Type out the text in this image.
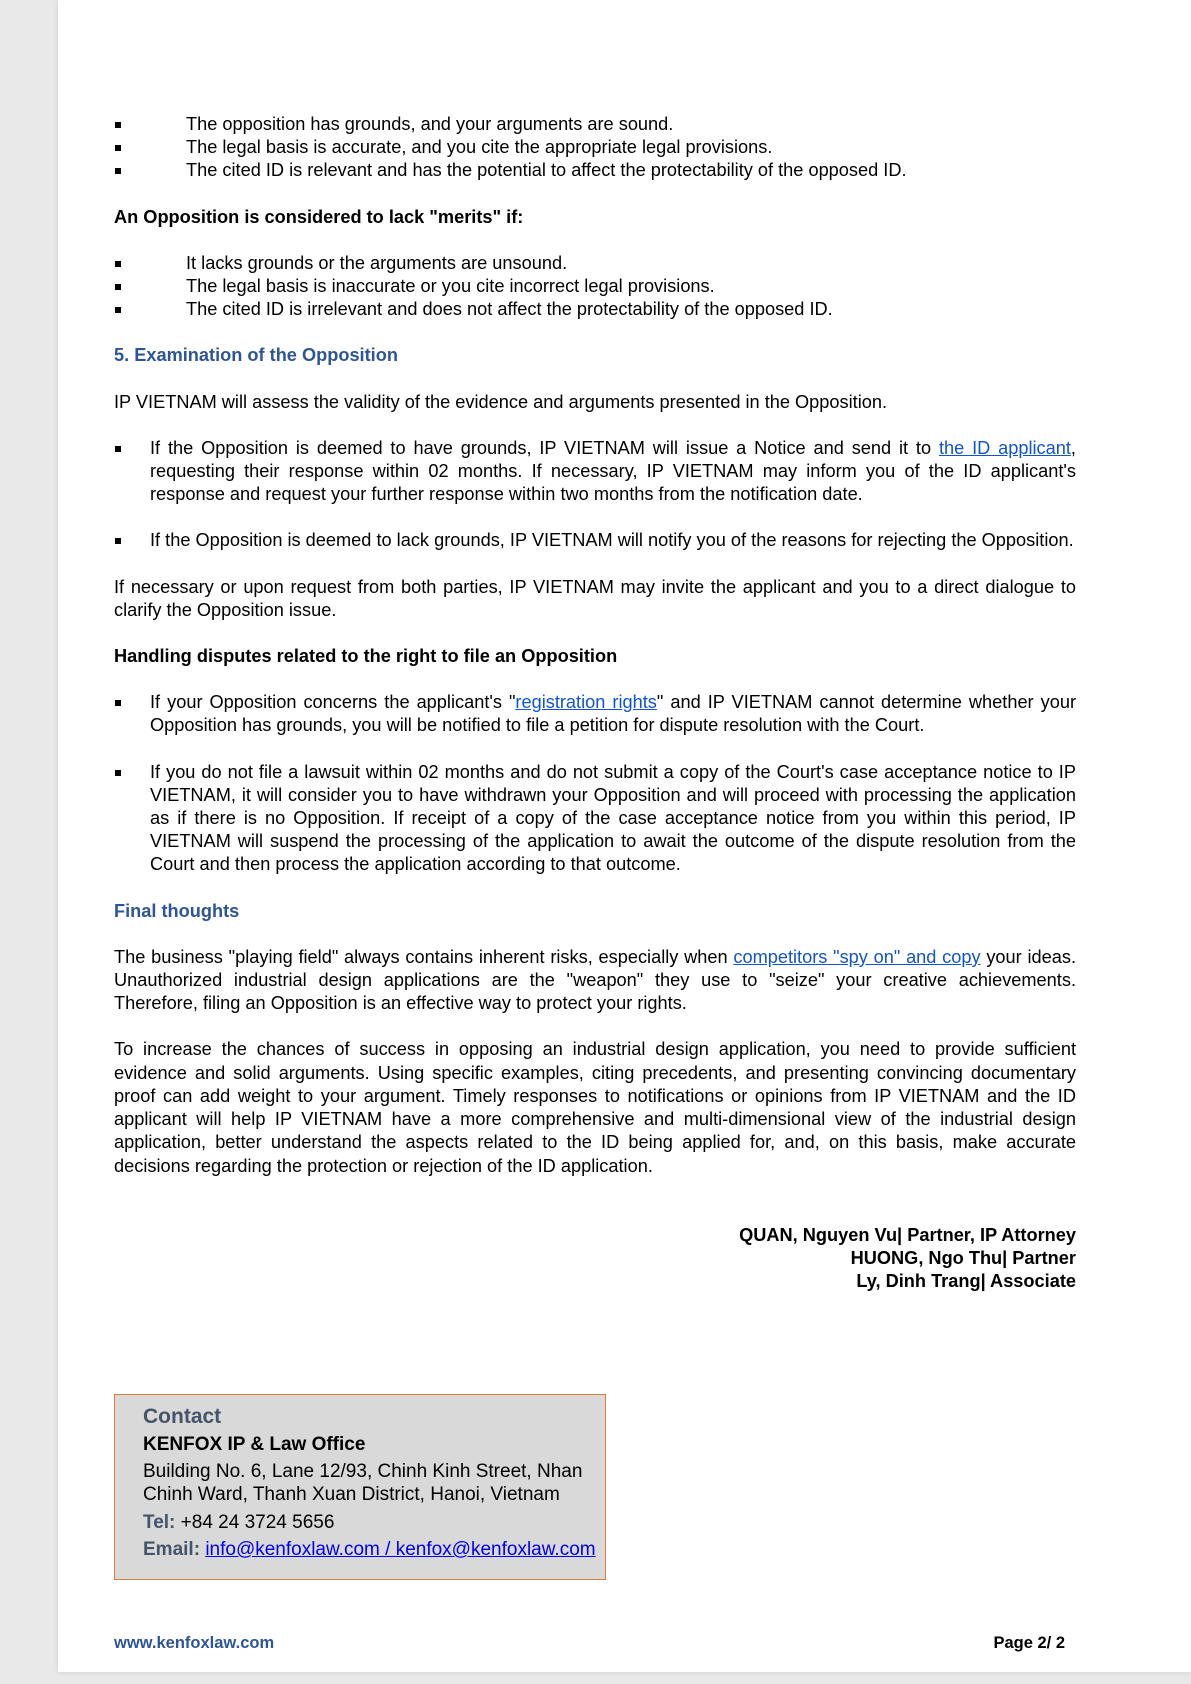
The opposition has grounds, and your arguments are sound.
The legal basis is accurate, and you cite the appropriate legal provisions.
The cited ID is relevant and has the potential to affect the protectability of the opposed ID.

An Opposition is considered to lack "merits" if:

It lacks grounds or the arguments are unsound.
The legal basis is inaccurate or you cite incorrect legal provisions.
The cited ID is irrelevant and does not affect the protectability of the opposed ID.

5. Examination of the Opposition

IP VIETNAM will assess the validity of the evidence and arguments presented in the Opposition.

If the Opposition is deemed to have grounds, IP VIETNAM will issue a Notice and send it to the ID applicant, requesting their response within 02 months. If necessary, IP VIETNAM may inform you of the ID applicant's response and request your further response within two months from the notification date.
If the Opposition is deemed to lack grounds, IP VIETNAM will notify you of the reasons for rejecting the Opposition.

If necessary or upon request from both parties, IP VIETNAM may invite the applicant and you to a direct dialogue to clarify the Opposition issue.

Handling disputes related to the right to file an Opposition

If your Opposition concerns the applicant's "registration rights" and IP VIETNAM cannot determine whether your Opposition has grounds, you will be notified to file a petition for dispute resolution with the Court.
If you do not file a lawsuit within 02 months and do not submit a copy of the Court's case acceptance notice to IP VIETNAM, it will consider you to have withdrawn your Opposition and will proceed with processing the application as if there is no Opposition. If receipt of a copy of the case acceptance notice from you within this period, IP VIETNAM will suspend the processing of the application to await the outcome of the dispute resolution from the Court and then process the application according to that outcome.

Final thoughts

The business "playing field" always contains inherent risks, especially when competitors "spy on" and copy your ideas. Unauthorized industrial design applications are the "weapon" they use to "seize" your creative achievements. Therefore, filing an Opposition is an effective way to protect your rights.

To increase the chances of success in opposing an industrial design application, you need to provide sufficient evidence and solid arguments. Using specific examples, citing precedents, and presenting convincing documentary proof can add weight to your argument. Timely responses to notifications or opinions from IP VIETNAM and the ID applicant will help IP VIETNAM have a more comprehensive and multi-dimensional view of the industrial design application, better understand the aspects related to the ID being applied for, and, on this basis, make accurate decisions regarding the protection or rejection of the ID application.

QUAN, Nguyen Vu| Partner, IP Attorney
HUONG, Ngo Thu| Partner
Ly, Dinh Trang| Associate
Contact
KENFOX IP & Law Office
Building No. 6, Lane 12/93, Chinh Kinh Street, Nhan
Chinh Ward, Thanh Xuan District, Hanoi, Vietnam
Tel: +84 24 3724 5656
Email: info@kenfoxlaw.com / kenfox@kenfoxlaw.com
www.kenfoxlaw.com	Page 2/ 2
